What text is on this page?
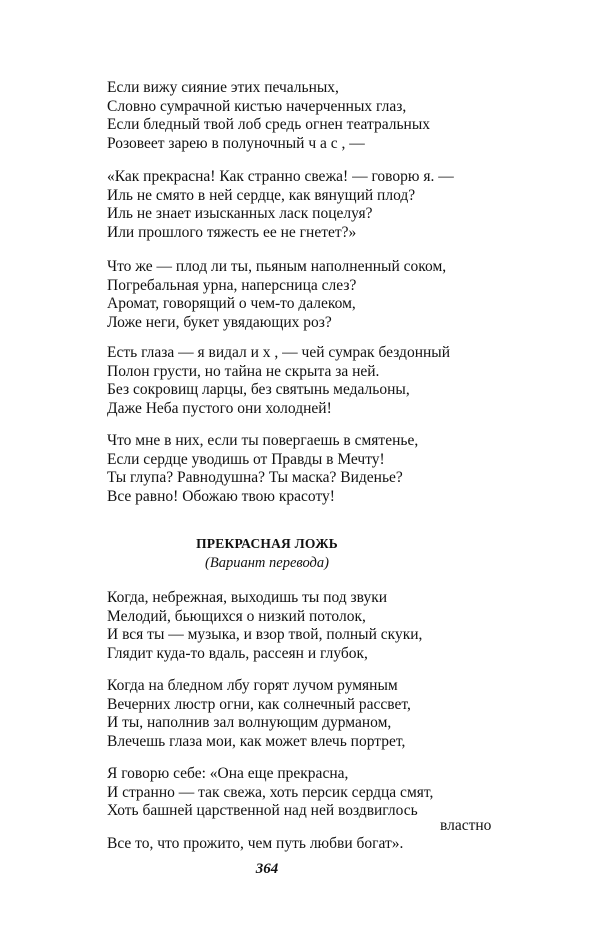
Если вижу сияние этих печальных,
Словно сумрачной кистью начерченных глаз,
Если бледный твой лоб средь огнен театральных
Розовеет зарею в полуночный ч а с , —
«Как прекрасна! Как странно свежа! — говорю я. —
Иль не смято в ней сердце, как вянущий плод?
Иль не знает изысканных ласк поцелуя?
Или прошлого тяжесть ее не гнетет?»
Что же — плод ли ты, пьяным наполненный соком,
Погребальная урна, наперсница слез?
Аромат, говорящий о чем-то далеком,
Ложе неги, букет увядающих роз?
Есть глаза — я видал и х , — чей сумрак бездонный
Полон грусти, но тайна не скрыта за ней.
Без сокровищ ларцы, без святынь медальоны,
Даже Неба пустого они холодней!
Что мне в них, если ты повергаешь в смятенье,
Если сердце уводишь от Правды в Мечту!
Ты глупа? Равнодушна? Ты маска? Виденье?
Все равно! Обожаю твою красоту!
ПРЕКРАСНАЯ ЛОЖЬ
(Вариант перевода)
Когда, небрежная, выходишь ты под звуки
Мелодий, бьющихся о низкий потолок,
И вся ты — музыка, и взор твой, полный скуки,
Глядит куда-то вдаль, рассеян и глубок,
Когда на бледном лбу горят лучом румяным
Вечерних люстр огни, как солнечный рассвет,
И ты, наполнив зал волнующим дурманом,
Влечешь глаза мои, как может влечь портрет,
Я говорю себе: «Она еще прекрасна,
И странно — так свежа, хоть персик сердца смят,
Хоть башней царственной над ней воздвиглось
властно
Все то, что прожито, чем путь любви богат».
364
